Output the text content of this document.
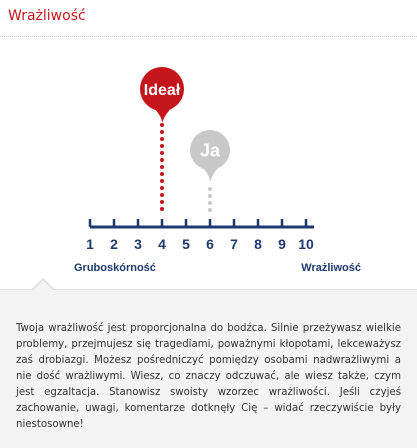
Wrażliwość
Ideał
Ja
1 2 3 4 5 6 7 8 9 10
Gruboskórność	Wrażliwość

Twoja wrażliwość jest proporcjonalna do bodźca. Silnie przeżywasz wielkie problemy, przejmujesz się tragediami, poważnymi kłopotami, lekceważysz zaś drobiazgi. Możesz pośredniczyć pomiędzy osobami nadwrażliwymi a nie dość wrażliwymi. Wiesz, co znaczy odczuwać, ale wiesz także, czym jest egzaltacja. Stanowisz swoisty wzorzec wrażliwości. Jeśli czyjeś zachowanie, uwagi, komentarze dotknęły Cię – widać rzeczywiście były niestosowne!
